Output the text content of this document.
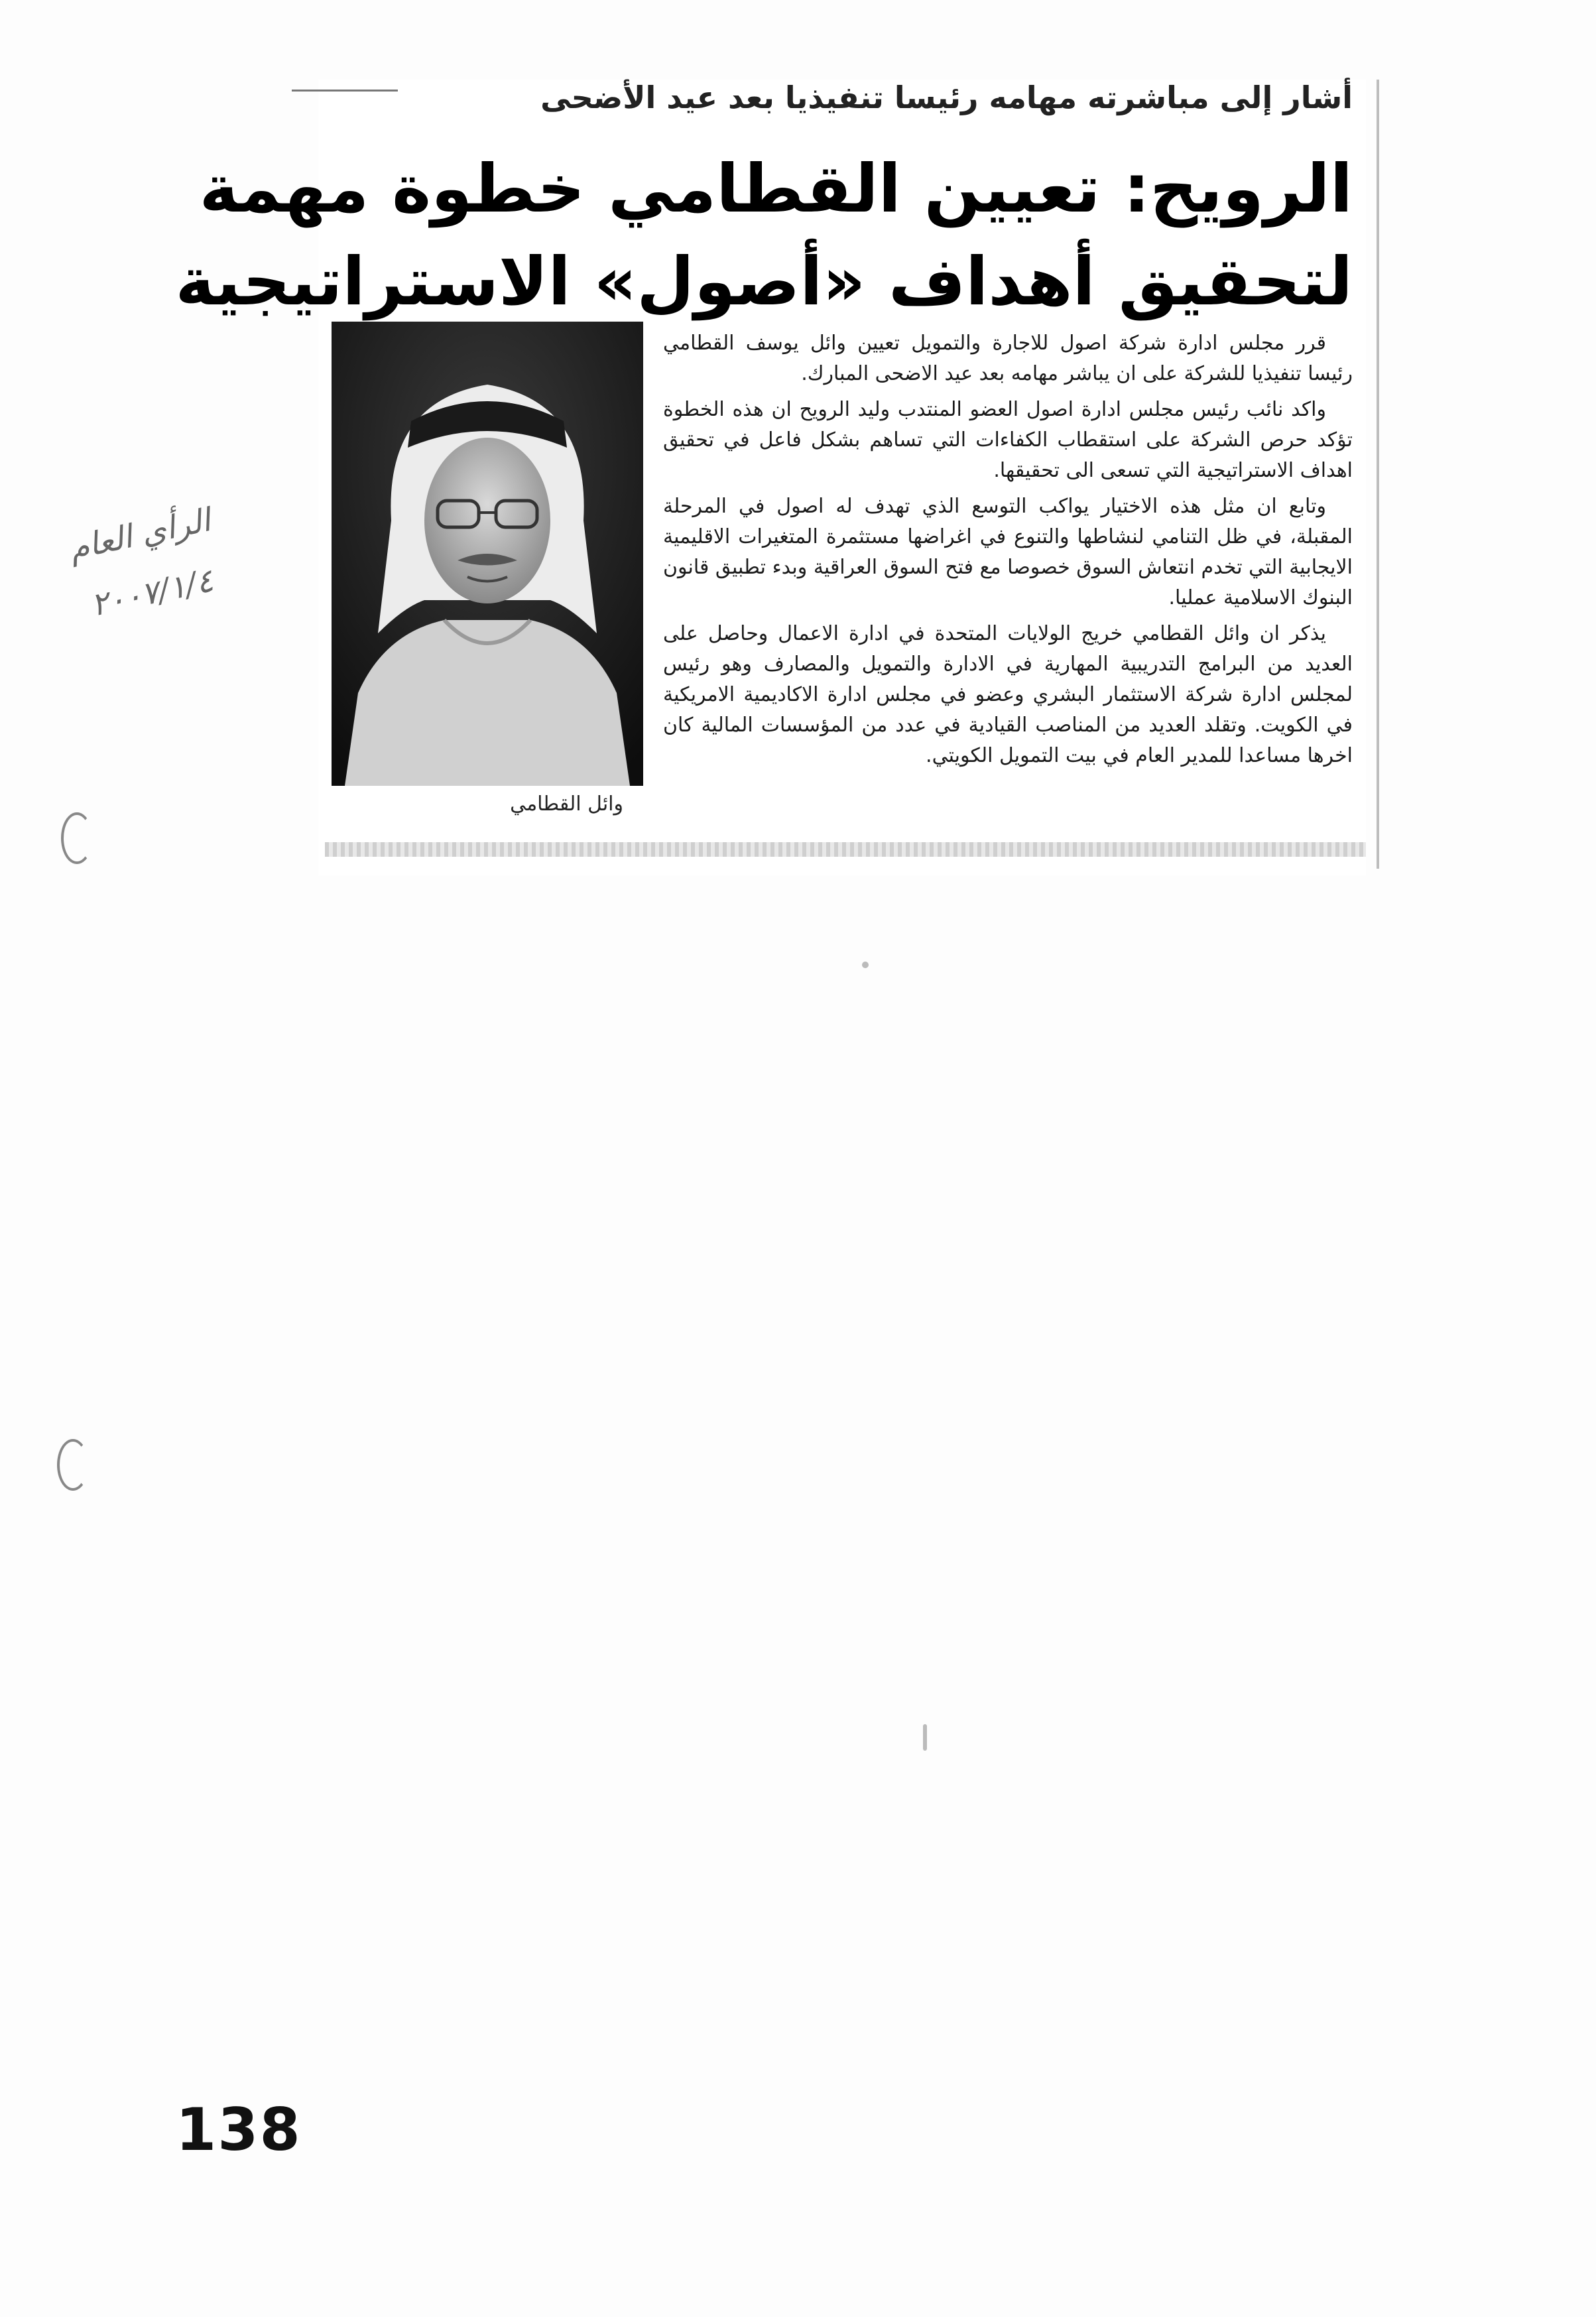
أشار إلى مباشرته مهامه رئيسا تنفيذيا بعد عيد الأضحى
الرويح: تعيين القطامي خطوة مهمة
لتحقيق أهداف «أصول» الاستراتيجية
وائل القطامي

قرر مجلس ادارة شركة اصول للاجارة والتمويل تعيين وائل يوسف القطامي رئيسا تنفيذيا للشركة على ان يباشر مهامه بعد عيد الاضحى المبارك.

واكد نائب رئيس مجلس ادارة اصول العضو المنتدب وليد الرويح ان هذه الخطوة تؤكد حرص الشركة على استقطاب الكفاءات التي تساهم بشكل فاعل في تحقيق اهداف الاستراتيجية التي تسعى الى تحقيقها.

وتابع ان مثل هذه الاختيار يواكب التوسع الذي تهدف له اصول في المرحلة المقبلة، في ظل التنامي لنشاطها والتنوع في اغراضها مستثمرة المتغيرات الاقليمية الايجابية التي تخدم انتعاش السوق خصوصا مع فتح السوق العراقية وبدء تطبيق قانون البنوك الاسلامية عمليا.

يذكر ان وائل القطامي خريج الولايات المتحدة في ادارة الاعمال وحاصل على العديد من البرامج التدريبية المهارية في الادارة والتمويل والمصارف وهو رئيس لمجلس ادارة شركة الاستثمار البشري وعضو في مجلس ادارة الاكاديمية الامريكية في الكويت. وتقلد العديد من المناصب القيادية في عدد من المؤسسات المالية كان اخرها مساعدا للمدير العام في بيت التمويل الكويتي.

الرأي العام
٢٠٠٧/١/٤
138
